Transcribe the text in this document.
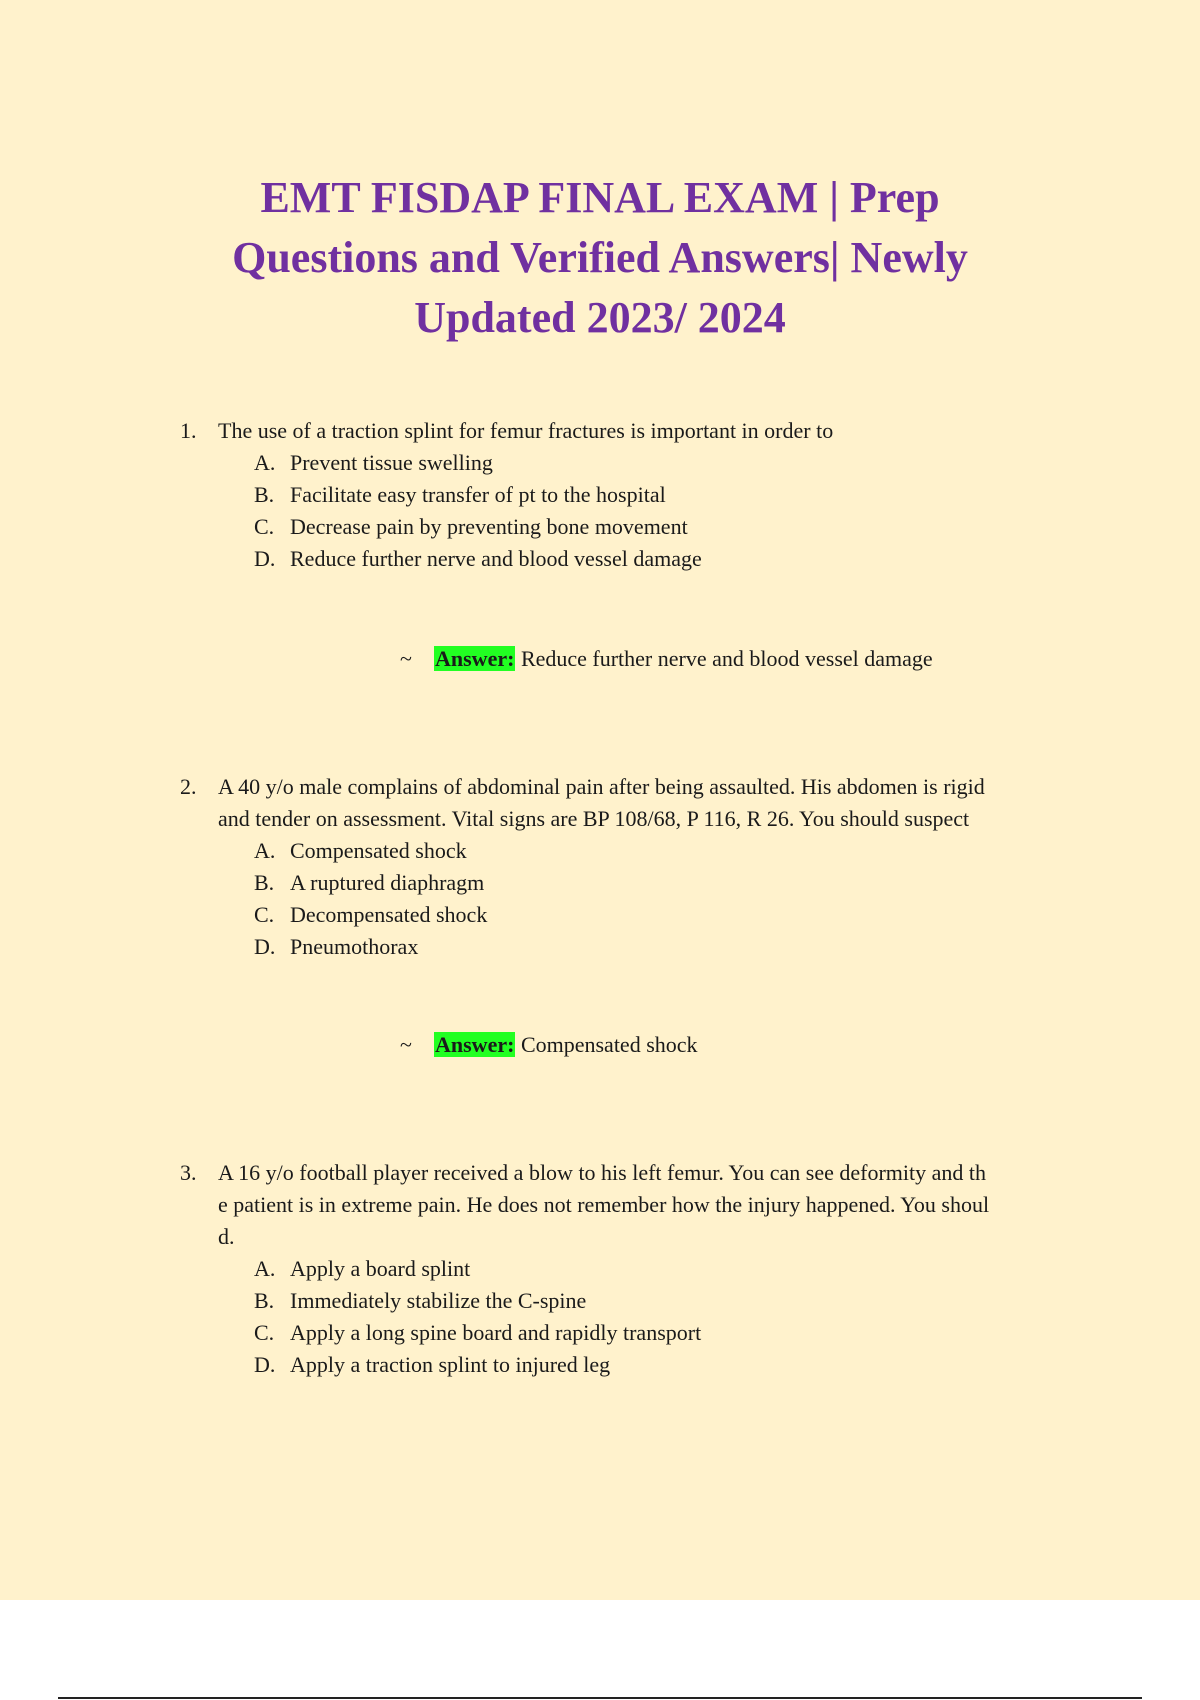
EMT FISDAP FINAL EXAM | Prep Questions and Verified Answers| Newly Updated 2023/ 2024
1. The use of a traction splint for femur fractures is important in order to
A. Prevent tissue swelling
B. Facilitate easy transfer of pt to the hospital
C. Decrease pain by preventing bone movement
D. Reduce further nerve and blood vessel damage
~ Answer: Reduce further nerve and blood vessel damage
2. A 40 y/o male complains of abdominal pain after being assaulted. His abdomen is rigid
and tender on assessment. Vital signs are BP 108/68, P 116, R 26. You should suspect
A. Compensated shock
B. A ruptured diaphragm
C. Decompensated shock
D. Pneumothorax
~ Answer: Compensated shock
3. A 16 y/o football player received a blow to his left femur. You can see deformity and th
e patient is in extreme pain. He does not remember how the injury happened. You shoul
d.
A. Apply a board splint
B. Immediately stabilize the C-spine
C. Apply a long spine board and rapidly transport
D. Apply a traction splint to injured leg
